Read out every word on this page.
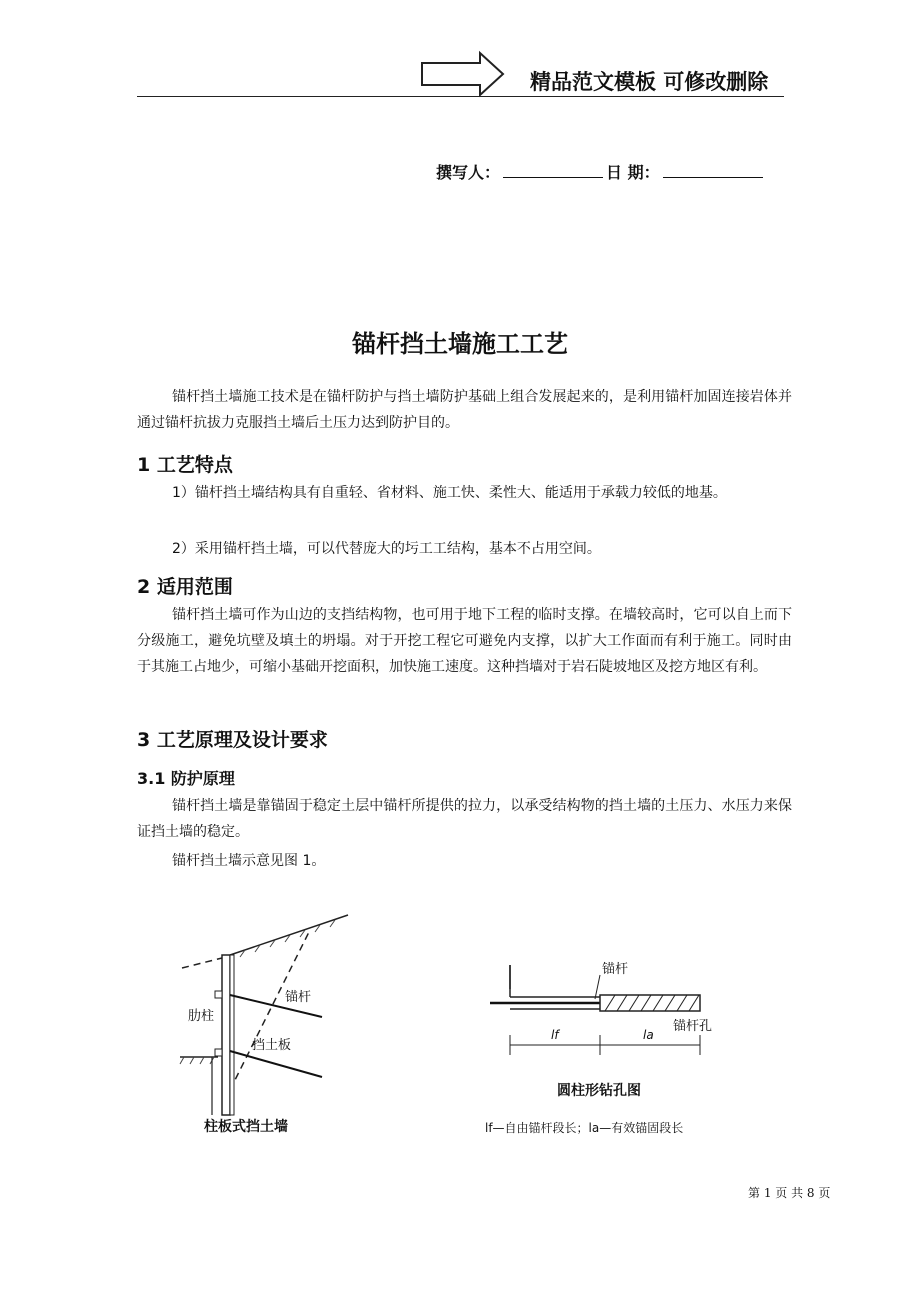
精品范文模板 可修改删除
撰写人：	日 期：
锚杆挡土墙施工工艺
锚杆挡土墙施工技术是在锚杆防护与挡土墙防护基础上组合发展起来的，是利用锚杆加固连接岩体并通过锚杆抗拔力克服挡土墙后土压力达到防护目的。
1 工艺特点
1）锚杆挡土墙结构具有自重轻、省材料、施工快、柔性大、能适用于承载力较低的地基。
2）采用锚杆挡土墙，可以代替庞大的圬工工结构，基本不占用空间。
2 适用范围
锚杆挡土墙可作为山边的支挡结构物，也可用于地下工程的临时支撑。在墙较高时，它可以自上而下分级施工，避免坑壁及填土的坍塌。对于开挖工程它可避免内支撑，以扩大工作面而有利于施工。同时由于其施工占地少，可缩小基础开挖面积，加快施工速度。这种挡墙对于岩石陡坡地区及挖方地区有利。
3 工艺原理及设计要求
3.1 防护原理
锚杆挡土墙是靠锚固于稳定土层中锚杆所提供的拉力，以承受结构物的挡土墙的土压力、水压力来保证挡土墙的稳定。
锚杆挡土墙示意见图 1。
肋柱
锚杆
挡土板
柱板式挡土墙
锚杆
锚杆孔
lf	la
圆柱形钻孔图
lf—自由锚杆段长；la—有效锚固段长
第 1 页 共 8 页
